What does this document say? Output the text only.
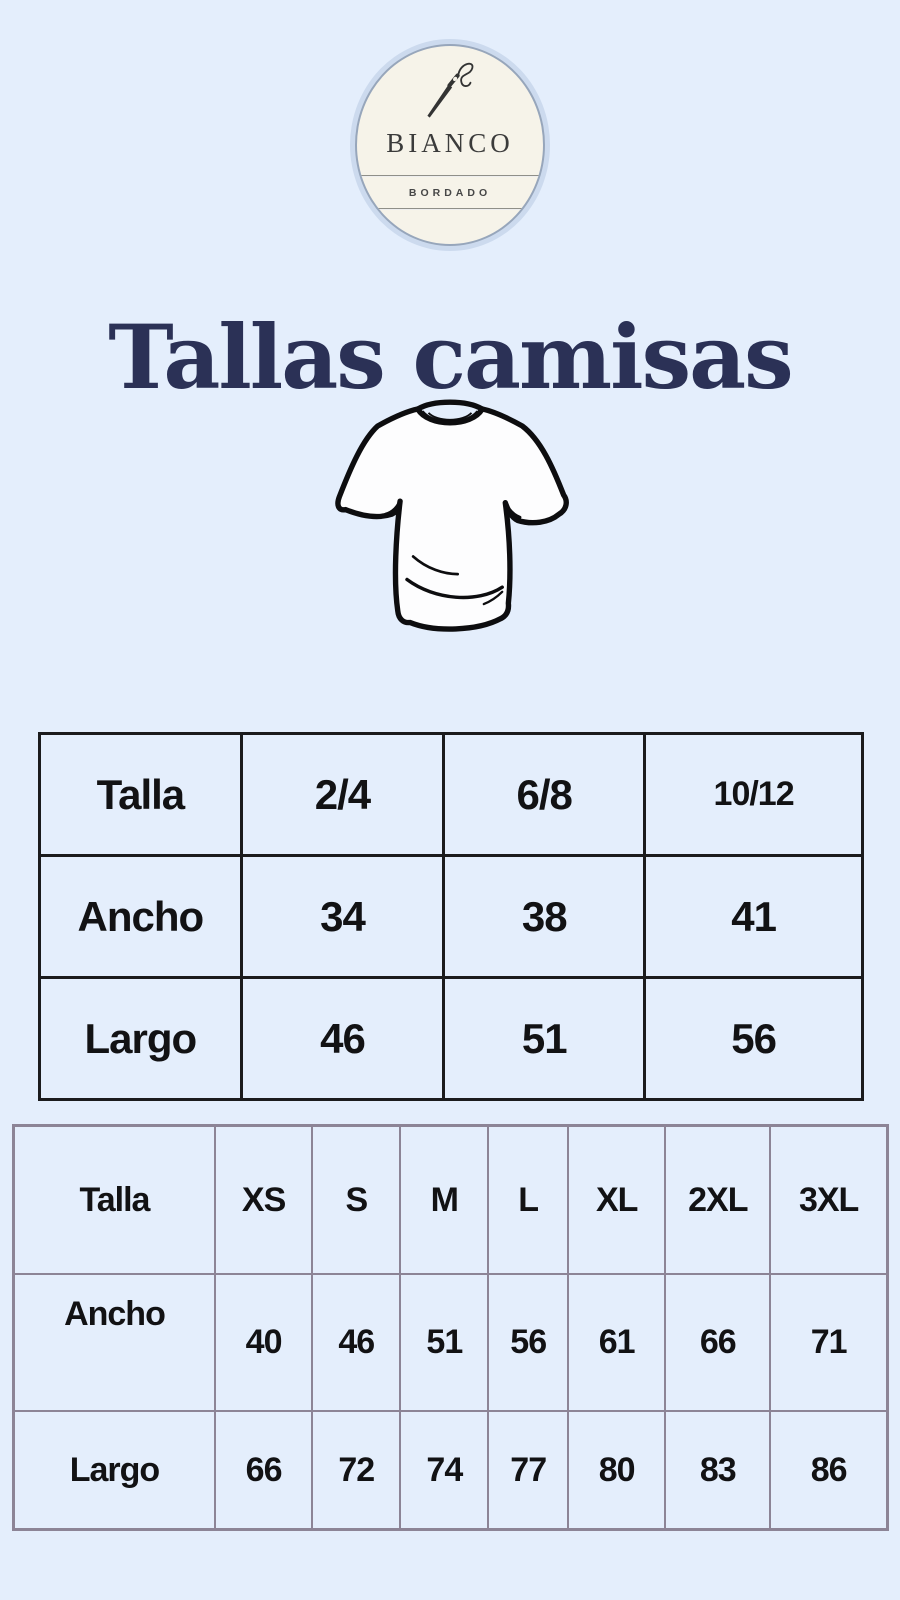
BIANCO
BORDADO
Tallas camisas
Talla	2/4	6/8	10/12
Ancho	34	38	41
Largo	46	51	56
Talla	XS	S	M	L	XL	2XL	3XL
Ancho	40	46	51	56	61	66	71
Largo	66	72	74	77	80	83	86
